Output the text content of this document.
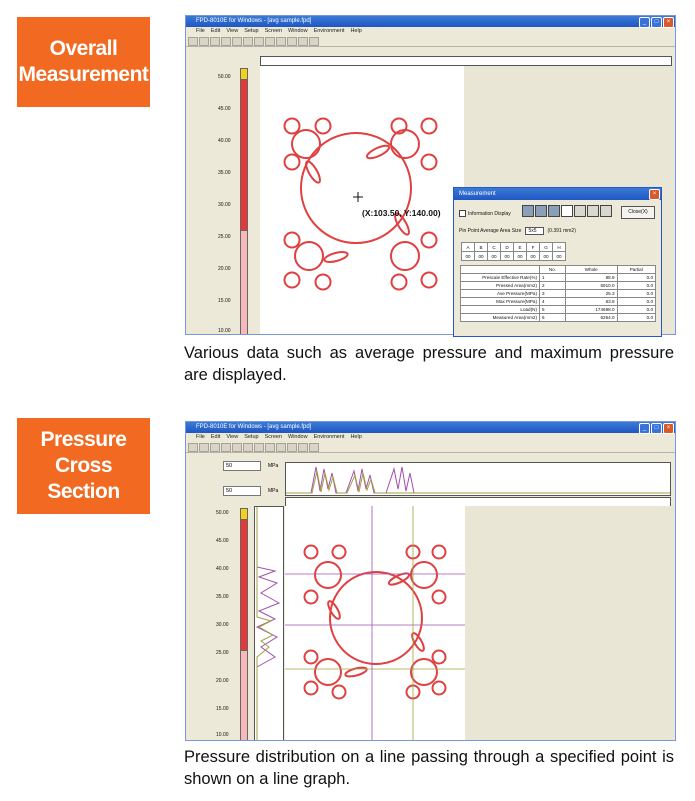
Overall
Measurement
FPD-8010E for Windows - [avg sample.fpd]	_	□	×
File Edit View Setup Screen Window Environment Help
50.00
45.00
40.00
35.00
30.00
25.00
20.00
15.00
10.00
(X:103.50, Y:140.00)
Measurement	×
Information Display	Close(X)
Pin Point Average Area Size	5x5	(0.391 mm2)
A	B	C	D	E	F	G	H
00	00	00	00	00	00	00	00
	No.	Whole	Partial
Prescale Effective Rate(%)	1	88.9	0.0
Pressed Area(mm2)	2	6910.0	0.0
Ave Pressure(MPa)	3	25.3	0.0
Max Pressure(MPa)	4	63.8	0.0
Load(N)	5	174698.0	0.0
Measured Area(mm2)	6	6254.0	0.0
Various data such as average pressure and maximum pressure are displayed.
Pressure
Cross
Section
FPD-8010E for Windows - [avg sample.fpd]	_	□	×
File Edit View Setup Screen Window Environment Help
50	MPa
50	MPa
50.00
45.00
40.00
35.00
30.00
25.00
20.00
15.00
10.00
Pressure distribution on a line passing through a specified point is shown on a line graph.
